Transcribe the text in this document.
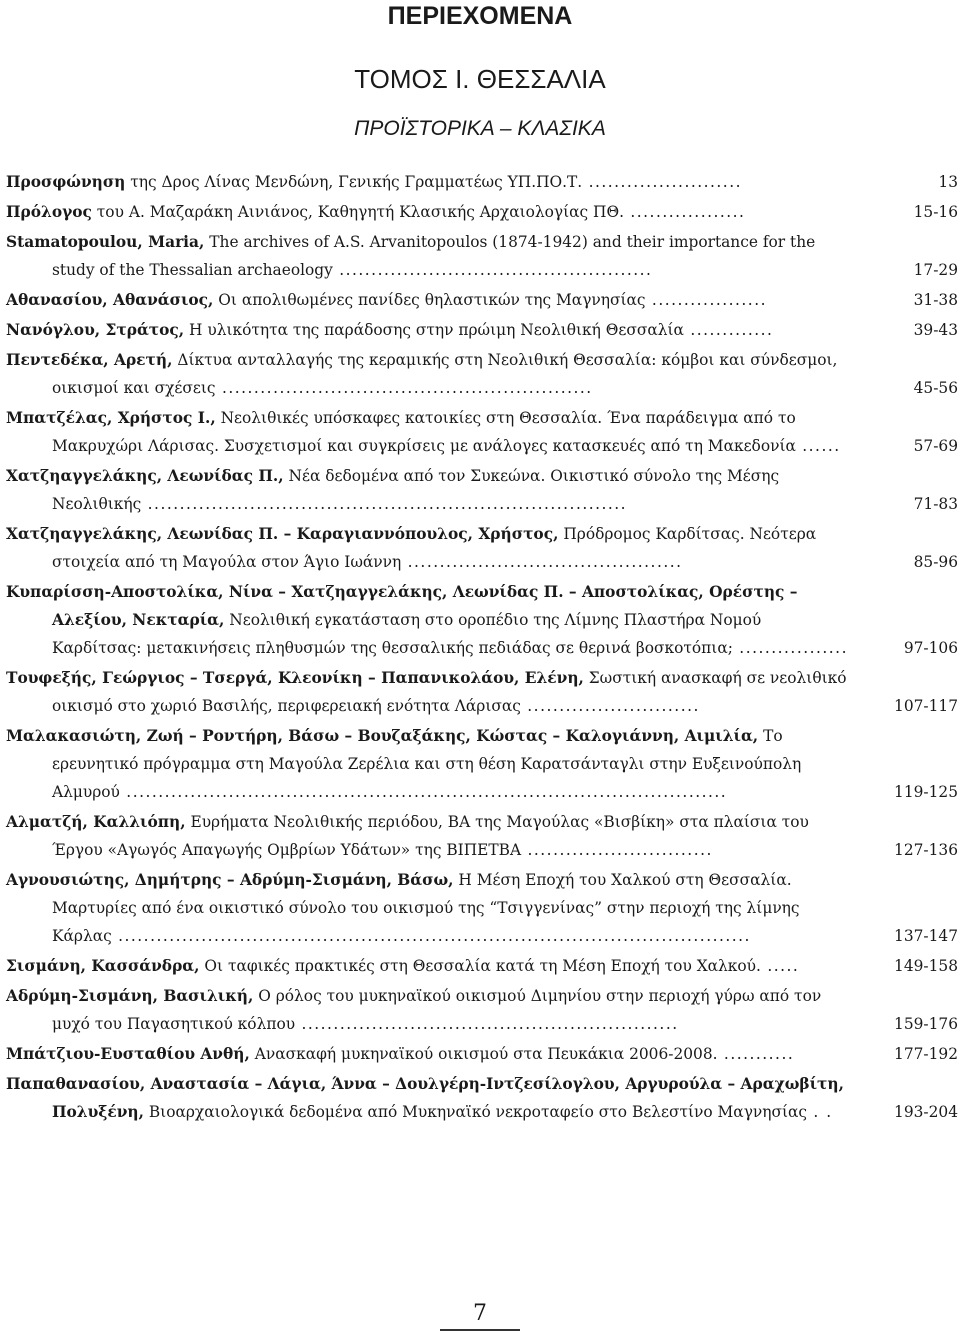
ΠΕΡΙΕΧΟΜΕΝΑ
ΤΟΜΟΣ Ι. ΘΕΣΣΑΛΙΑ
ΠΡΟΪΣΤΟΡΙΚΑ – ΚΛΑΣΙΚΑ
Προσφώνηση της Δρος Λίνας Μενδώνη, Γενικής Γραμματέως ΥΠ.ΠΟ.Τ. ........................	13
Πρόλογος του Α. Μαζαράκη Αινιάνος, Καθηγητή Κλασικής Αρχαιολογίας ΠΘ. ..................	15-16
Stamatopoulou, Maria, The archives of A.S. Arvanitopoulos (1874-1942) and their importance for the study of the Thessalian archaeology .................................................	17-29
Αθανασίου, Αθανάσιος, Οι απολιθωμένες πανίδες θηλαστικών της Μαγνησίας ..................	31-38
Νανόγλου, Στράτος, Η υλικότητα της παράδοσης στην πρώιμη Νεολιθική Θεσσαλία .............	39-43
Πεντεδέκα, Αρετή, Δίκτυα ανταλλαγής της κεραμικής στη Νεολιθική Θεσσαλία: κόμβοι και σύνδεσμοι, οικισμοί και σχέσεις ..........................................................	45-56
Μπατζέλας, Χρήστος Ι., Νεολιθικές υπόσκαφες κατοικίες στη Θεσσαλία. Ένα παράδειγμα από το Μακρυχώρι Λάρισας. Συσχετισμοί και συγκρίσεις με ανάλογες κατασκευές από τη Μακεδονία ......	57-69
Χατζηαγγελάκης, Λεωνίδας Π., Νέα δεδομένα από τον Συκεώνα. Οικιστικό σύνολο της Μέσης Νεολιθικής ...........................................................................	71-83
Χατζηαγγελάκης, Λεωνίδας Π. – Καραγιαννόπουλος, Χρήστος, Πρόδρομος Καρδίτσας. Νεότερα στοιχεία από τη Μαγούλα στον Άγιο Ιωάννη ...........................................	85-96
Κυπαρίσση-Αποστολίκα, Νίνα – Χατζηαγγελάκης, Λεωνίδας Π. – Αποστολίκας, Ορέστης – Αλεξίου, Νεκταρία, Νεολιθική εγκατάσταση στο οροπέδιο της Λίμνης Πλαστήρα Νομού Καρδίτσας: μετακινήσεις πληθυσμών της θεσσαλικής πεδιάδας σε θερινά βοσκοτόπια; .................	97-106
Τουφεξής, Γεώργιος – Τσεργά, Κλεονίκη – Παπανικολάου, Ελένη, Σωστική ανασκαφή σε νεολιθικό οικισμό στο χωριό Βασιλής, περιφερειακή ενότητα Λάρισας ...........................	107-117
Μαλακασιώτη, Ζωή – Ροντήρη, Βάσω – Βουζαξάκης, Κώστας – Καλογιάννη, Αιμιλία, Το ερευνητικό πρόγραμμα στη Μαγούλα Ζερέλια και στη θέση Καρατσάνταγλι στην Ευξεινούπολη Αλμυρού ..............................................................................................	119-125
Αλματζή, Καλλιόπη, Ευρήματα Νεολιθικής περιόδου, ΒΑ της Μαγούλας «Βισβίκη» στα πλαίσια του Έργου «Αγωγός Απαγωγής Ομβρίων Υδάτων» της ΒΙΠΕΤΒΑ .............................	127-136
Αγνουσιώτης, Δημήτρης – Αδρύμη-Σισμάνη, Βάσω, Η Μέση Εποχή του Χαλκού στη Θεσσαλία. Μαρτυρίες από ένα οικιστικό σύνολο του οικισμού της “Τσιγγενίνας” στην περιοχή της λίμνης Κάρλας ...................................................................................................	137-147
Σισμάνη, Κασσάνδρα, Οι ταφικές πρακτικές στη Θεσσαλία κατά τη Μέση Εποχή του Χαλκού. .....	149-158
Αδρύμη-Σισμάνη, Βασιλική, Ο ρόλος του μυκηναϊκού οικισμού Διμηνίου στην περιοχή γύρω από τον μυχό του Παγασητικού κόλπου ...........................................................	159-176
Μπάτζιου-Ευσταθίου Ανθή, Ανασκαφή μυκηναϊκού οικισμού στα Πευκάκια 2006-2008. ...........	177-192
Παπαθανασίου, Αναστασία – Λάγια, Άννα – Δουλγέρη-Ιντζεσίλογλου, Αργυρούλα – Αραχωβίτη, Πολυξένη, Βιοαρχαιολογικά δεδομένα από Μυκηναϊκό νεκροταφείο στο Βελεστίνο Μαγνησίας . .	193-204
7
